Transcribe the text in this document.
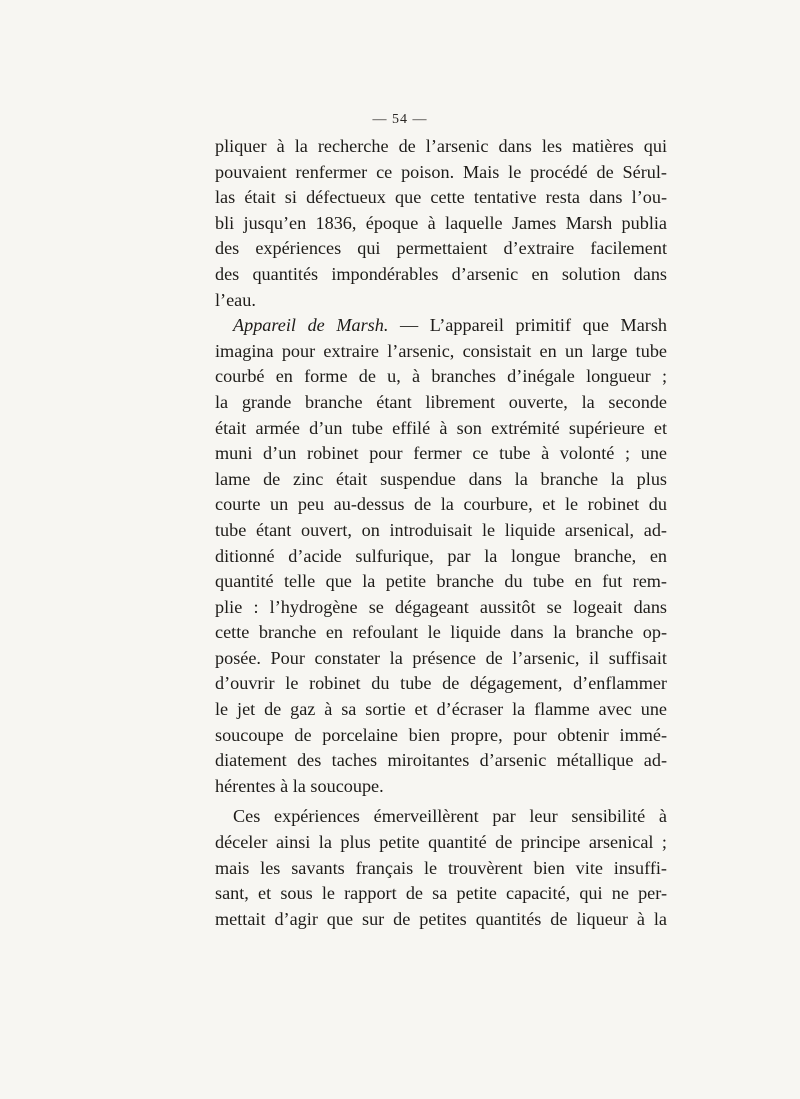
— 54 —
pliquer à la recherche de l’arsenic dans les matières qui
pouvaient renfermer ce poison. Mais le procédé de Sérul-
las était si défectueux que cette tentative resta dans l’ou-
bli jusqu’en 1836, époque à laquelle James Marsh publia
des expériences qui permettaient d’extraire facilement
des quantités impondérables d’arsenic en solution dans
l’eau.
Appareil de Marsh. — L’appareil primitif que Marsh
imagina pour extraire l’arsenic, consistait en un large tube
courbé en forme de u, à branches d’inégale longueur ;
la grande branche étant librement ouverte, la seconde
était armée d’un tube effilé à son extrémité supérieure et
muni d’un robinet pour fermer ce tube à volonté ; une
lame de zinc était suspendue dans la branche la plus
courte un peu au-dessus de la courbure, et le robinet du
tube étant ouvert, on introduisait le liquide arsenical, ad-
ditionné d’acide sulfurique, par la longue branche, en
quantité telle que la petite branche du tube en fut rem-
plie : l’hydrogène se dégageant aussitôt se logeait dans
cette branche en refoulant le liquide dans la branche op-
posée. Pour constater la présence de l’arsenic, il suffisait
d’ouvrir le robinet du tube de dégagement, d’enflammer
le jet de gaz à sa sortie et d’écraser la flamme avec une
soucoupe de porcelaine bien propre, pour obtenir immé-
diatement des taches miroitantes d’arsenic métallique ad-
hérentes à la soucoupe.
Ces expériences émerveillèrent par leur sensibilité à
déceler ainsi la plus petite quantité de principe arsenical ;
mais les savants français le trouvèrent bien vite insuffi-
sant, et sous le rapport de sa petite capacité, qui ne per-
mettait d’agir que sur de petites quantités de liqueur à la
